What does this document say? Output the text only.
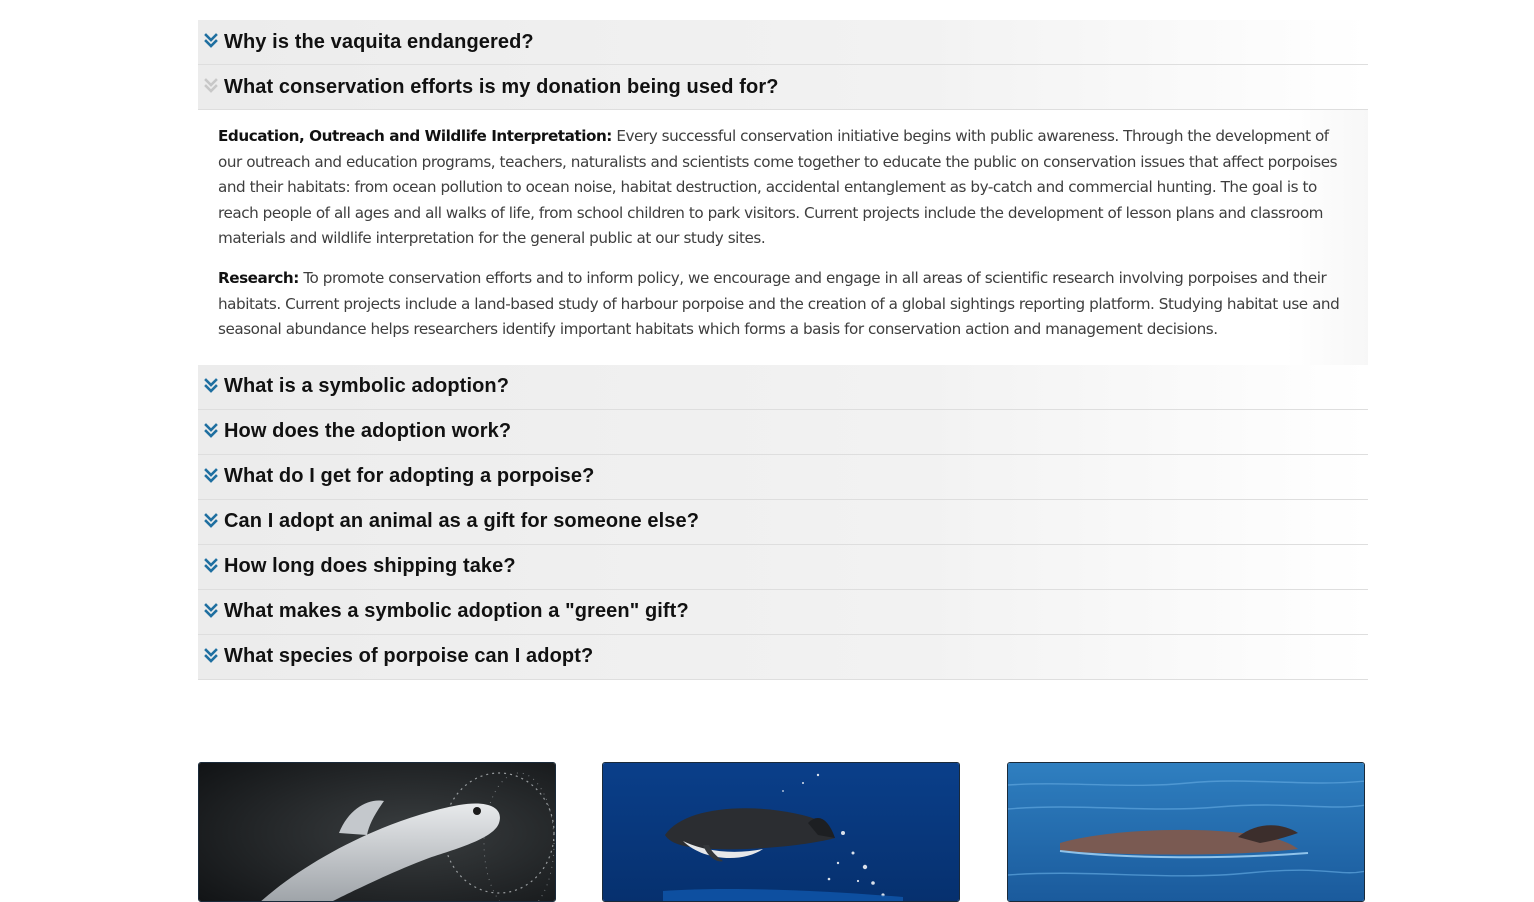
Why is the vaquita endangered?
What conservation efforts is my donation being used for?

Education, Outreach and Wildlife Interpretation: Every successful conservation initiative begins with public awareness. Through the development of our outreach and education programs, teachers, naturalists and scientists come together to educate the public on conservation issues that affect porpoises and their habitats: from ocean pollution to ocean noise, habitat destruction, accidental entanglement as by-catch and commercial hunting. The goal is to reach people of all ages and all walks of life, from school children to park visitors. Current projects include the development of lesson plans and classroom materials and wildlife interpretation for the general public at our study sites.

Research: To promote conservation efforts and to inform policy, we encourage and engage in all areas of scientific research involving porpoises and their habitats. Current projects include a land-based study of harbour porpoise and the creation of a global sightings reporting platform. Studying habitat use and seasonal abundance helps researchers identify important habitats which forms a basis for conservation action and management decisions.

What is a symbolic adoption?
How does the adoption work?
What do I get for adopting a porpoise?
Can I adopt an animal as a gift for someone else?
How long does shipping take?
What makes a symbolic adoption a "green" gift?
What species of porpoise can I adopt?
